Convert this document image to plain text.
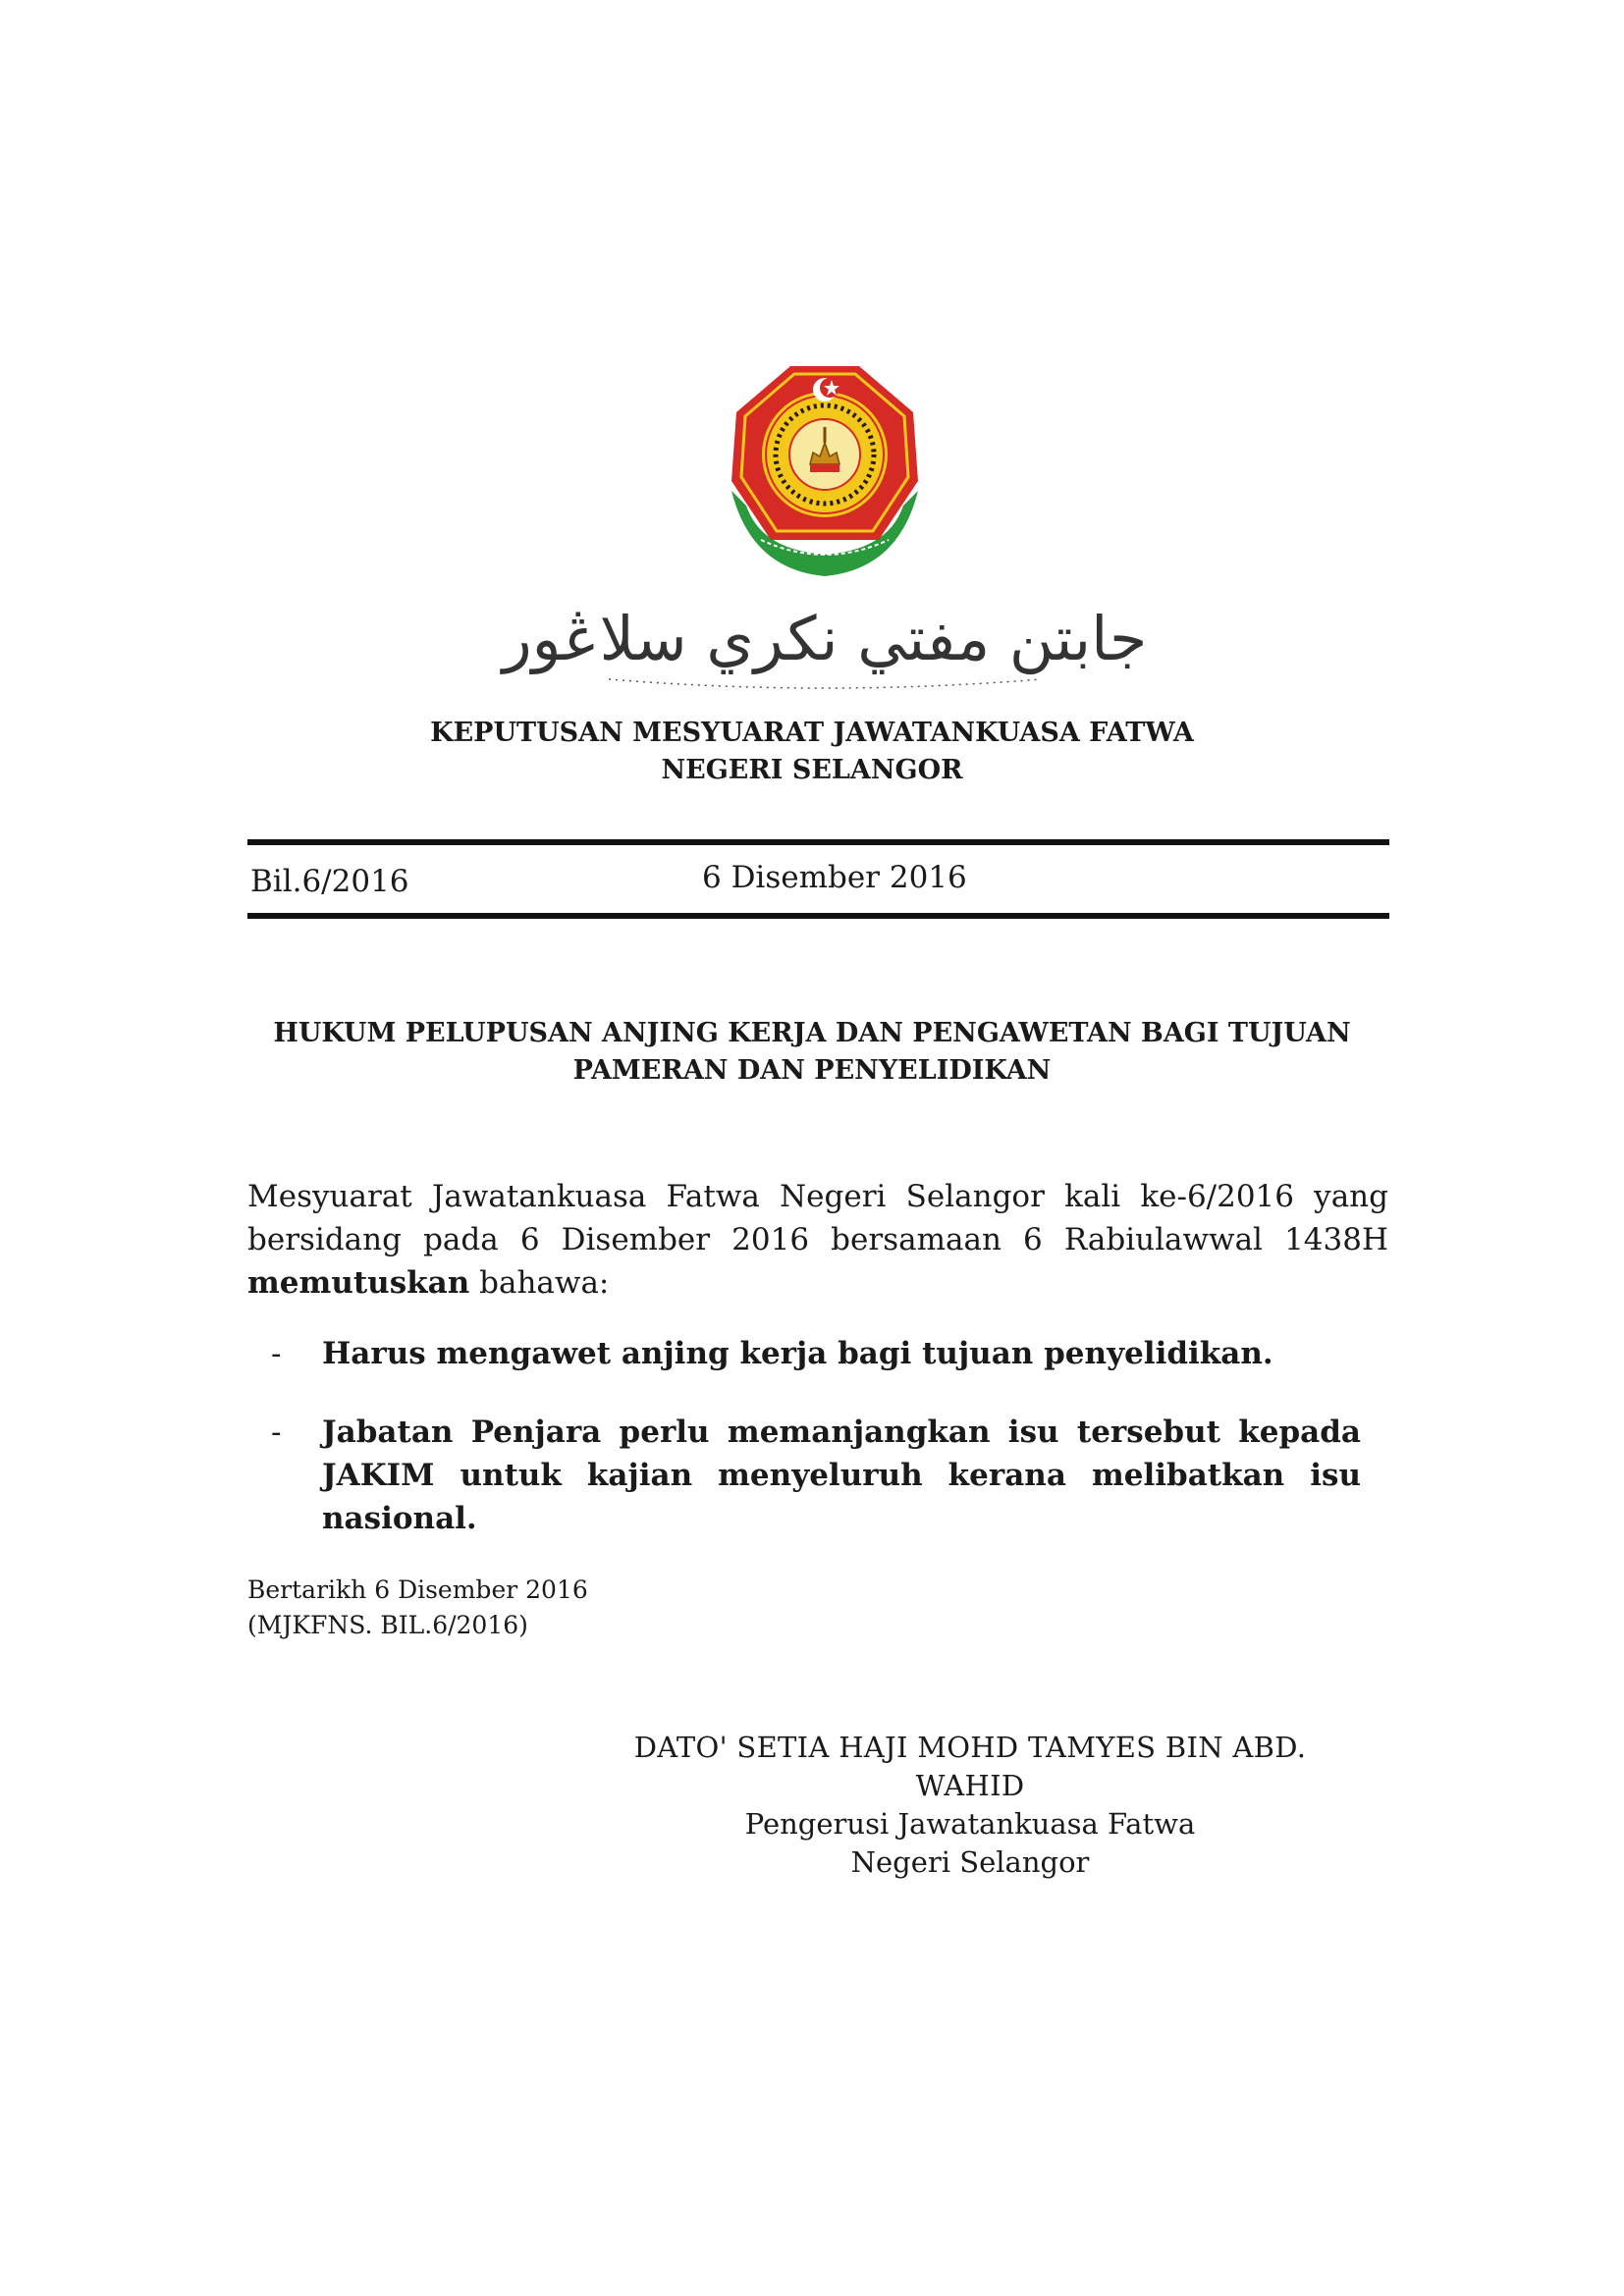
جابتن مفتي نکري سلاڠور
KEPUTUSAN MESYUARAT JAWATANKUASA FATWA
NEGERI SELANGOR
Bil.6/2016	6 Disember 2016
HUKUM PELUPUSAN ANJING KERJA DAN PENGAWETAN BAGI TUJUAN
PAMERAN DAN PENYELIDIKAN
Mesyuarat Jawatankuasa Fatwa Negeri Selangor kali ke-6/2016 yang bersidang pada 6 Disember 2016 bersamaan 6 Rabiulawwal 1438H memutuskan bahawa:
-	Harus mengawet anjing kerja bagi tujuan penyelidikan.
-	Jabatan Penjara perlu memanjangkan isu tersebut kepada JAKIM untuk kajian menyeluruh kerana melibatkan isu nasional.
Bertarikh 6 Disember 2016
(MJKFNS. BIL.6/2016)
DATO' SETIA HAJI MOHD TAMYES BIN ABD. WAHID
Pengerusi Jawatankuasa Fatwa
Negeri Selangor
